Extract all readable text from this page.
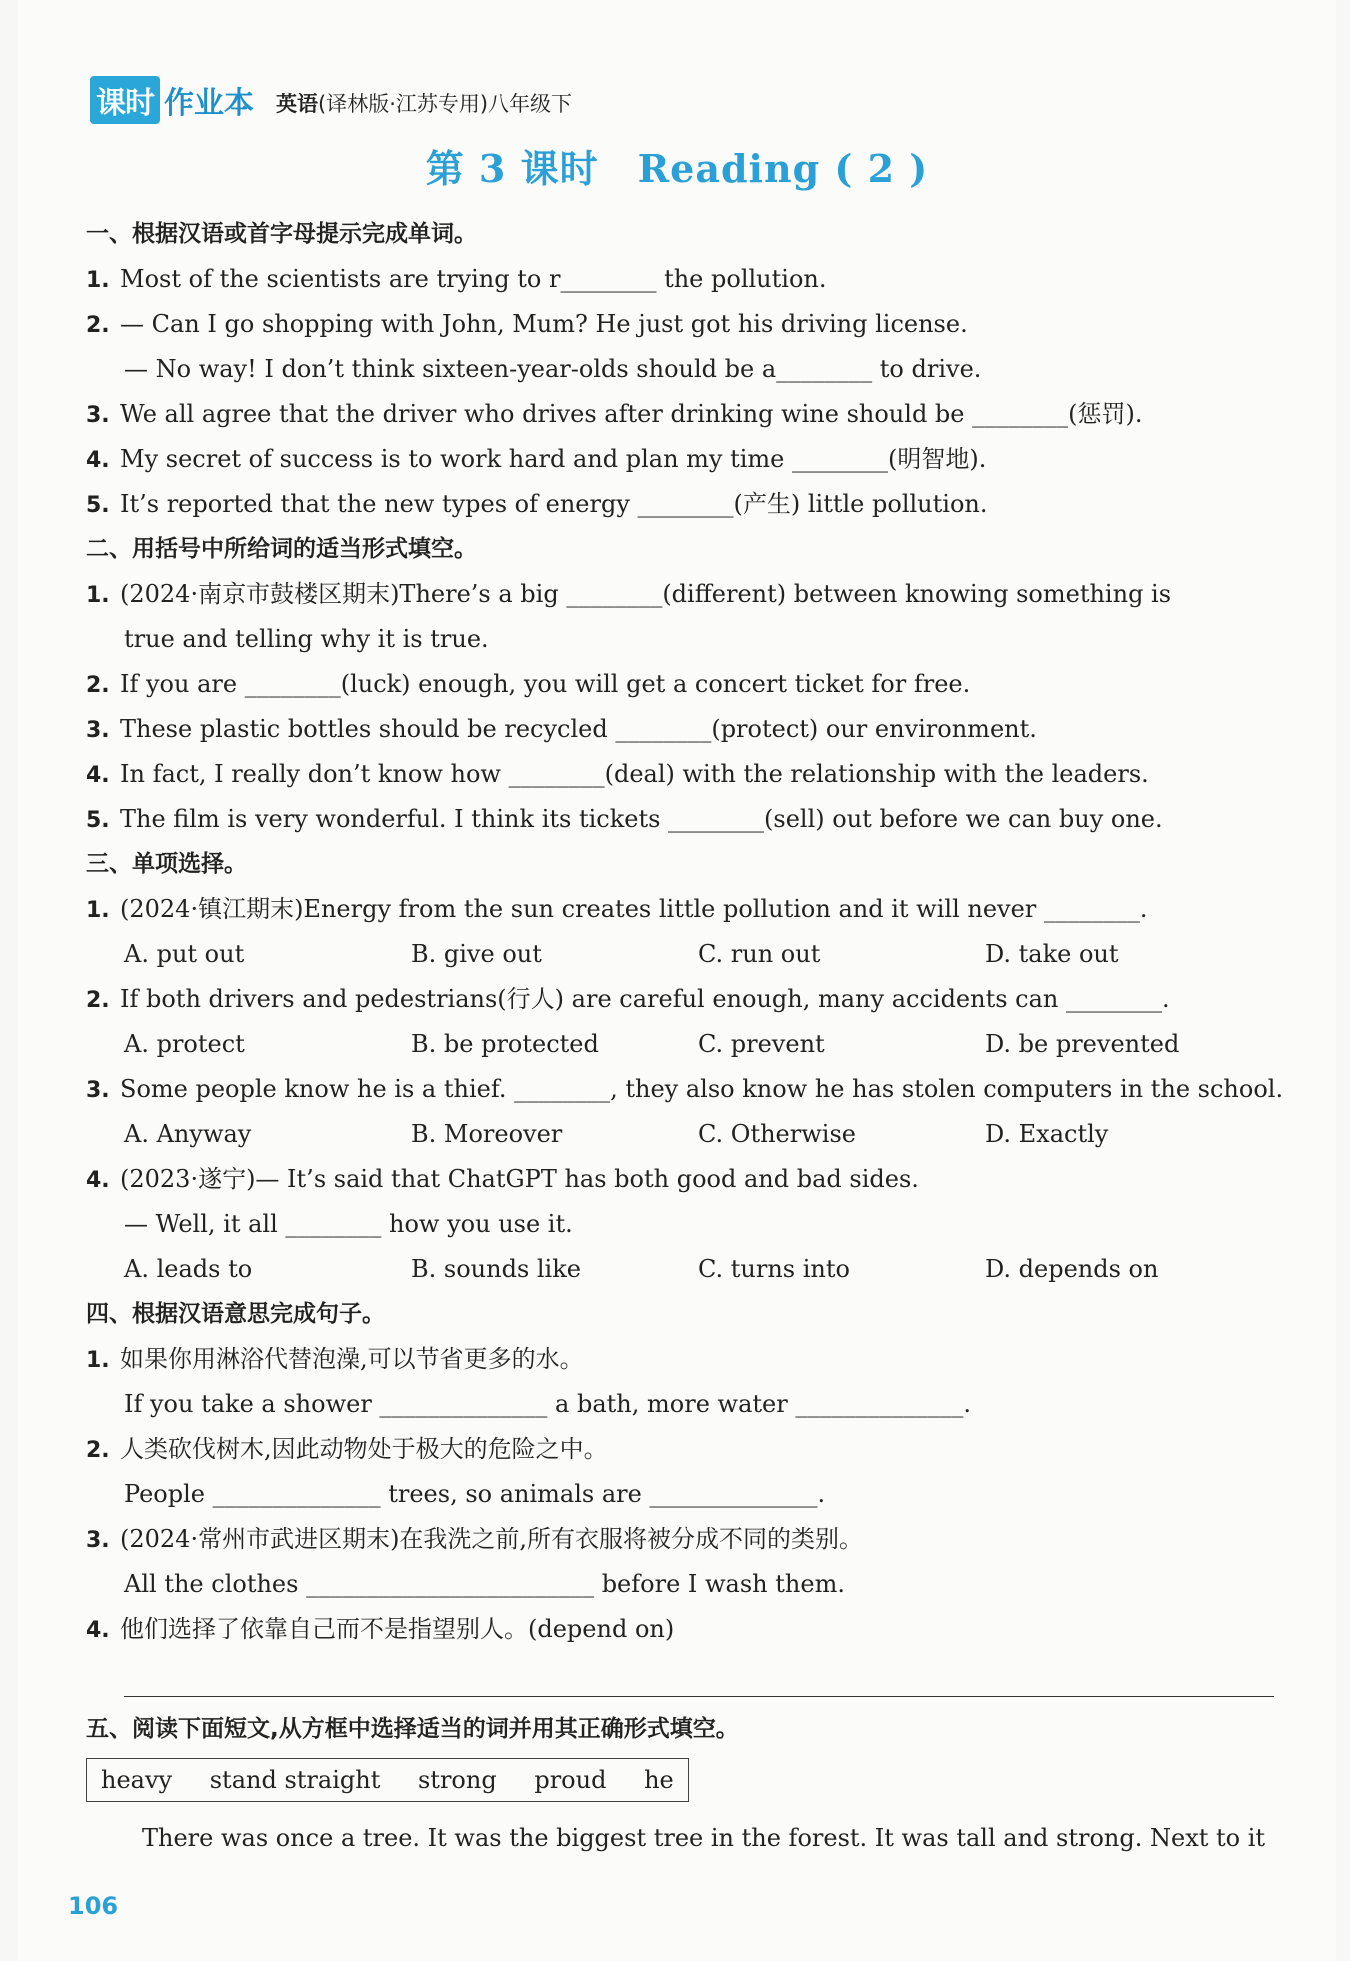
课时 作业本 英语(译林版·江苏专用)八年级下
第 3 课时　Reading ( 2 )
一、根据汉语或首字母提示完成单词。
1. Most of the scientists are trying to r________ the pollution.
2. — Can I go shopping with John, Mum? He just got his driving license.
— No way! I don’t think sixteen-year-olds should be a________ to drive.
3. We all agree that the driver who drives after drinking wine should be ________(惩罚).
4. My secret of success is to work hard and plan my time ________(明智地).
5. It’s reported that the new types of energy ________(产生) little pollution.
二、用括号中所给词的适当形式填空。
1. (2024·南京市鼓楼区期末)There’s a big ________(different) between knowing something is
true and telling why it is true.
2. If you are ________(luck) enough, you will get a concert ticket for free.
3. These plastic bottles should be recycled ________(protect) our environment.
4. In fact, I really don’t know how ________(deal) with the relationship with the leaders.
5. The film is very wonderful. I think its tickets ________(sell) out before we can buy one.
三、单项选择。
1. (2024·镇江期末)Energy from the sun creates little pollution and it will never ________.
A. put out	B. give out	C. run out	D. take out
2. If both drivers and pedestrians(行人) are careful enough, many accidents can ________.
A. protect	B. be protected	C. prevent	D. be prevented
3. Some people know he is a thief. ________, they also know he has stolen computers in the school.
A. Anyway	B. Moreover	C. Otherwise	D. Exactly
4. (2023·遂宁)— It’s said that ChatGPT has both good and bad sides.
— Well, it all ________ how you use it.
A. leads to	B. sounds like	C. turns into	D. depends on
四、根据汉语意思完成句子。
1. 如果你用淋浴代替泡澡,可以节省更多的水。
If you take a shower ______________ a bath, more water ______________.
2. 人类砍伐树木,因此动物处于极大的危险之中。
People ______________ trees, so animals are ______________.
3. (2024·常州市武进区期末)在我洗之前,所有衣服将被分成不同的类别。
All the clothes ________________________ before I wash them.
4. 他们选择了依靠自己而不是指望别人。(depend on)
五、阅读下面短文,从方框中选择适当的词并用其正确形式填空。
heavy stand straight strong proud he
There was once a tree. It was the biggest tree in the forest. It was tall and strong. Next to it
106
